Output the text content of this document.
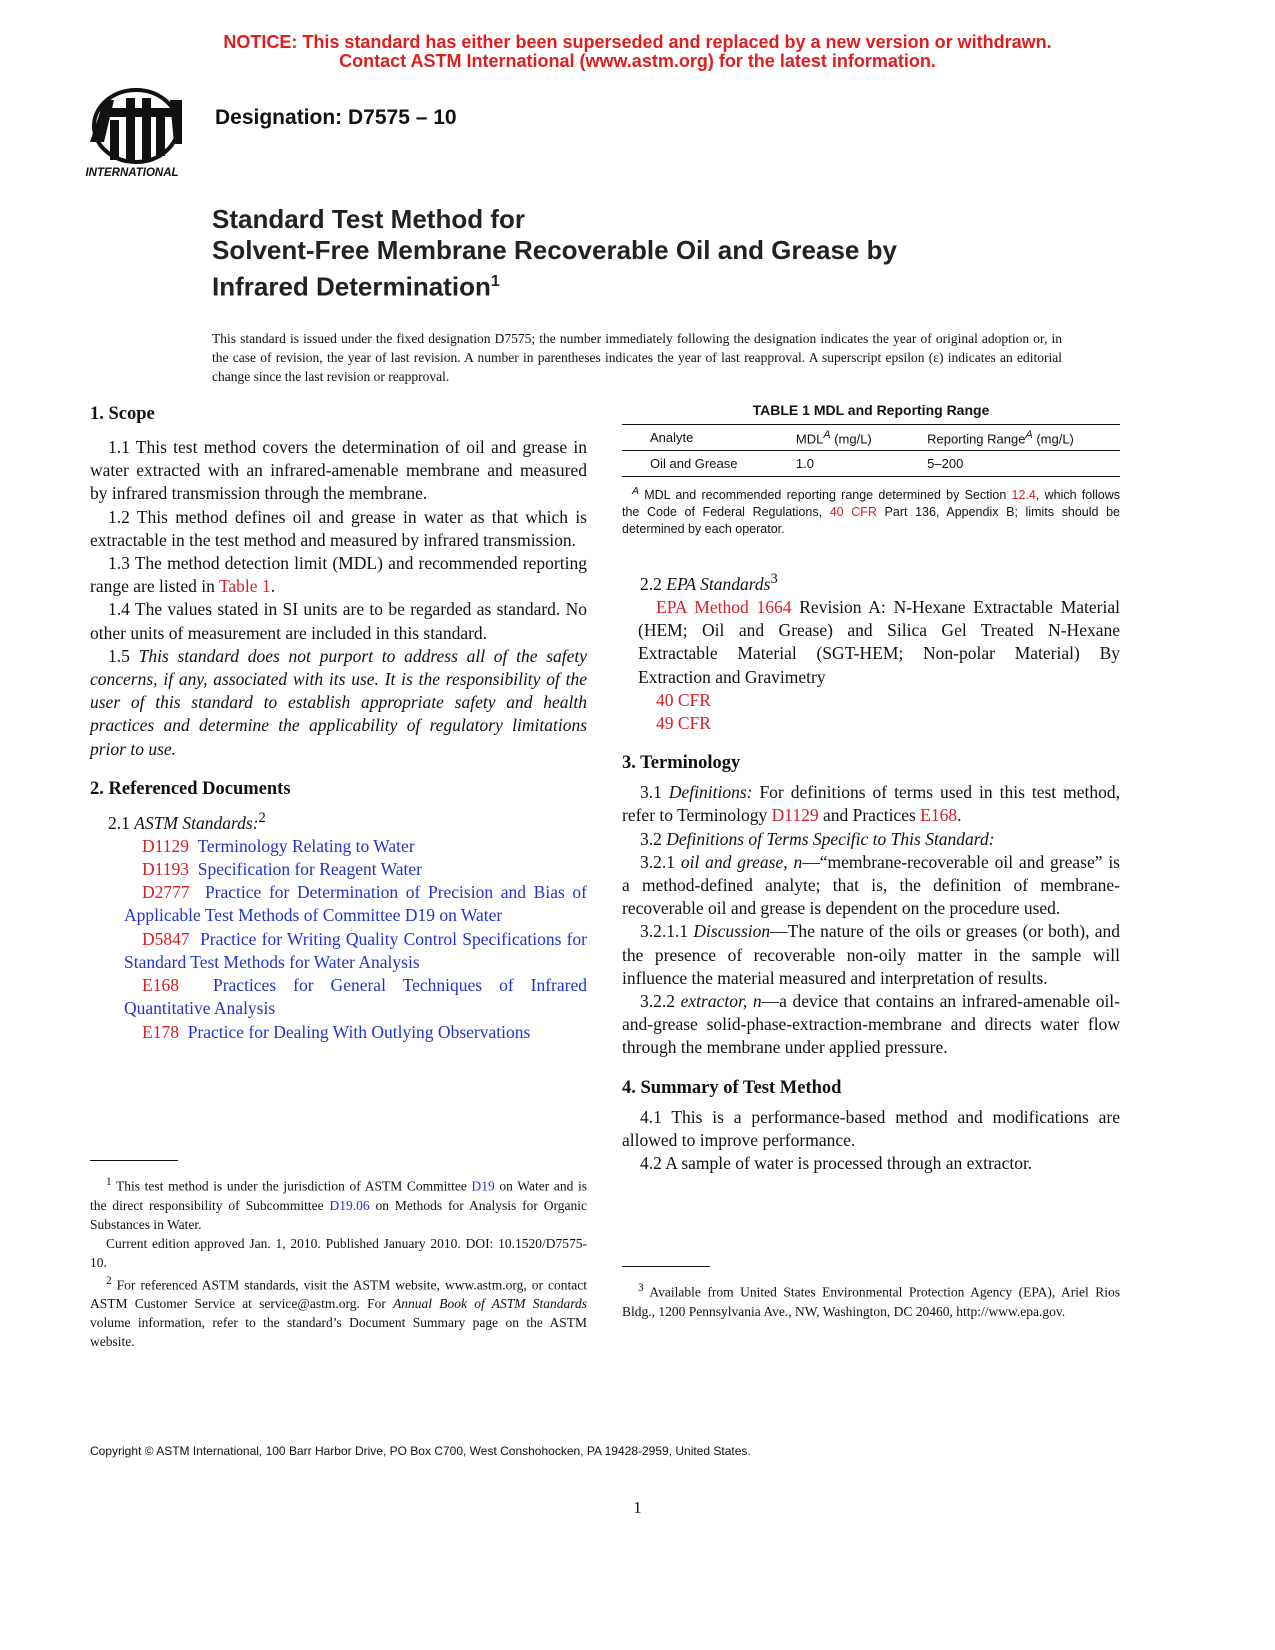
NOTICE: This standard has either been superseded and replaced by a new version or withdrawn.
Contact ASTM International (www.astm.org) for the latest information.
INTERNATIONAL
Designation: D7575 – 10
Standard Test Method for
Solvent-Free Membrane Recoverable Oil and Grease by
Infrared Determination$^1$
This standard is issued under the fixed designation D7575; the number immediately following the designation indicates the year of original adoption or, in the case of revision, the year of last revision. A number in parentheses indicates the year of last reapproval. A superscript epsilon (ε) indicates an editorial change since the last revision or reapproval.
1. Scope

1.1 This test method covers the determination of oil and grease in water extracted with an infrared-amenable membrane and measured by infrared transmission through the membrane.

1.2 This method defines oil and grease in water as that which is extractable in the test method and measured by infrared transmission.

1.3 The method detection limit (MDL) and recommended reporting range are listed in Table 1.

1.4 The values stated in SI units are to be regarded as standard. No other units of measurement are included in this standard.

1.5 This standard does not purport to address all of the safety concerns, if any, associated with its use. It is the responsibility of the user of this standard to establish appropriate safety and health practices and determine the applicability of regulatory limitations prior to use.

2. Referenced Documents

2.1 ASTM Standards:$^2$

D1129 Terminology Relating to Water

D1193 Specification for Reagent Water

D2777 Practice for Determination of Precision and Bias of Applicable Test Methods of Committee D19 on Water

D5847 Practice for Writing Quality Control Specifications for Standard Test Methods for Water Analysis

E168 Practices for General Techniques of Infrared Quantitative Analysis

E178 Practice for Dealing With Outlying Observations

TABLE 1 MDL and Reporting Range
Analyte	$MDL^A$ (mg/L)	Reporting Range$^A$ (mg/L)
Oil and Grease	1.0	5–200
$^A$ MDL and recommended reporting range determined by Section 12.4, which follows the Code of Federal Regulations, 40 CFR Part 136, Appendix B; limits should be determined by each operator.

2.2 EPA Standards$^3$

EPA Method 1664 Revision A: N-Hexane Extractable Material (HEM; Oil and Grease) and Silica Gel Treated N-Hexane Extractable Material (SGT-HEM; Non-polar Material) By Extraction and Gravimetry

40 CFR

49 CFR

3. Terminology

3.1 Definitions: For definitions of terms used in this test method, refer to Terminology D1129 and Practices E168.

3.2 Definitions of Terms Specific to This Standard:

3.2.1 oil and grease, n—“membrane-recoverable oil and grease” is a method-defined analyte; that is, the definition of membrane-recoverable oil and grease is dependent on the procedure used.

3.2.1.1 Discussion—The nature of the oils or greases (or both), and the presence of recoverable non-oily matter in the sample will influence the material measured and interpretation of results.

3.2.2 extractor, n—a device that contains an infrared-amenable oil-and-grease solid-phase-extraction-membrane and directs water flow through the membrane under applied pressure.

4. Summary of Test Method

4.1 This is a performance-based method and modifications are allowed to improve performance.

4.2 A sample of water is processed through an extractor.

$^1$ This test method is under the jurisdiction of ASTM Committee D19 on Water and is the direct responsibility of Subcommittee D19.06 on Methods for Analysis for Organic Substances in Water.

Current edition approved Jan. 1, 2010. Published January 2010. DOI: 10.1520/D7575-10.

$^2$ For referenced ASTM standards, visit the ASTM website, www.astm.org, or contact ASTM Customer Service at service@astm.org. For Annual Book of ASTM Standards volume information, refer to the standard’s Document Summary page on the ASTM website.

$^3$ Available from United States Environmental Protection Agency (EPA), Ariel Rios Bldg., 1200 Pennsylvania Ave., NW, Washington, DC 20460, http://www.epa.gov.

Copyright © ASTM International, 100 Barr Harbor Drive, PO Box C700, West Conshohocken, PA 19428-2959, United States.
1
